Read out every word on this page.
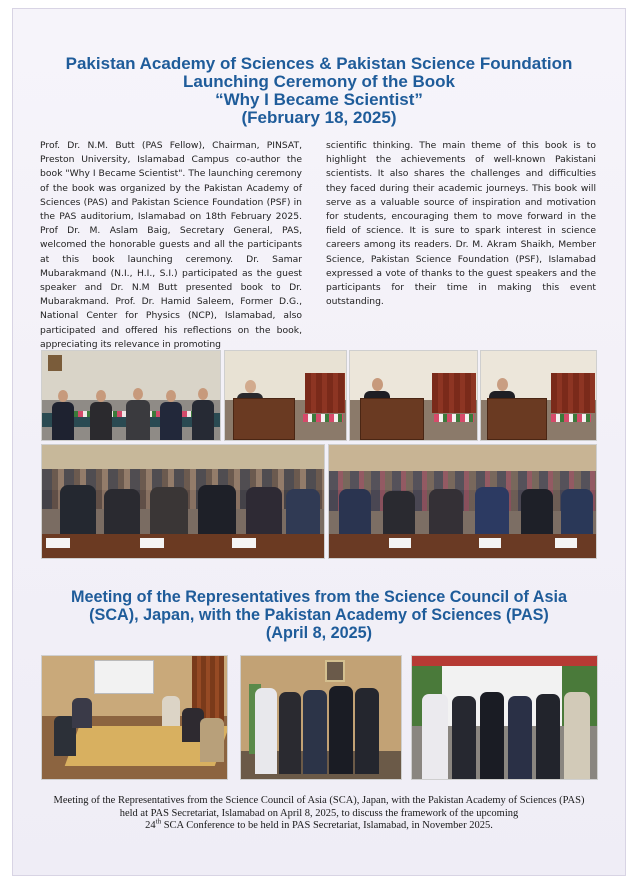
Pakistan Academy of Sciences & Pakistan Science Foundation
Launching Ceremony of the Book
“Why I Became Scientist”
(February 18, 2025)
Prof. Dr. N.M. Butt (PAS Fellow), Chairman, PINSAT, Preston University, Islamabad Campus co-author the book "Why I Became Scientist". The launching ceremony of the book was organized by the Pakistan Academy of Sciences (PAS) and Pakistan Science Foundation (PSF) in the PAS auditorium, Islamabad on 18th February 2025. Prof Dr. M. Aslam Baig, Secretary General, PAS, welcomed the honorable guests and all the participants at this book launching ceremony. Dr. Samar Mubarakmand (N.I., H.I., S.I.) participated as the guest speaker and Dr. N.M Butt presented book to Dr. Mubarakmand. Prof. Dr. Hamid Saleem, Former D.G., National Center for Physics (NCP), Islamabad, also participated and offered his reflections on the book, appreciating its relevance in promoting
scientific thinking. The main theme of this book is to highlight the achievements of well-known Pakistani scientists. It also shares the challenges and difficulties they faced during their academic journeys. This book will serve as a valuable source of inspiration and motivation for students, encouraging them to move forward in the field of science. It is sure to spark interest in science careers among its readers. Dr. M. Akram Shaikh, Member Science, Pakistan Science Foundation (PSF), Islamabad expressed a vote of thanks to the guest speakers and the participants for their time in making this event outstanding.
Meeting of the Representatives from the Science Council of Asia
(SCA), Japan, with the Pakistan Academy of Sciences (PAS)
(April 8, 2025)
Meeting of the Representatives from the Science Council of Asia (SCA), Japan, with the Pakistan Academy of Sciences (PAS) held at PAS Secretariat, Islamabad on April 8, 2025, to discuss the framework of the upcoming
24th SCA Conference to be held in PAS Secretariat, Islamabad, in November 2025.
